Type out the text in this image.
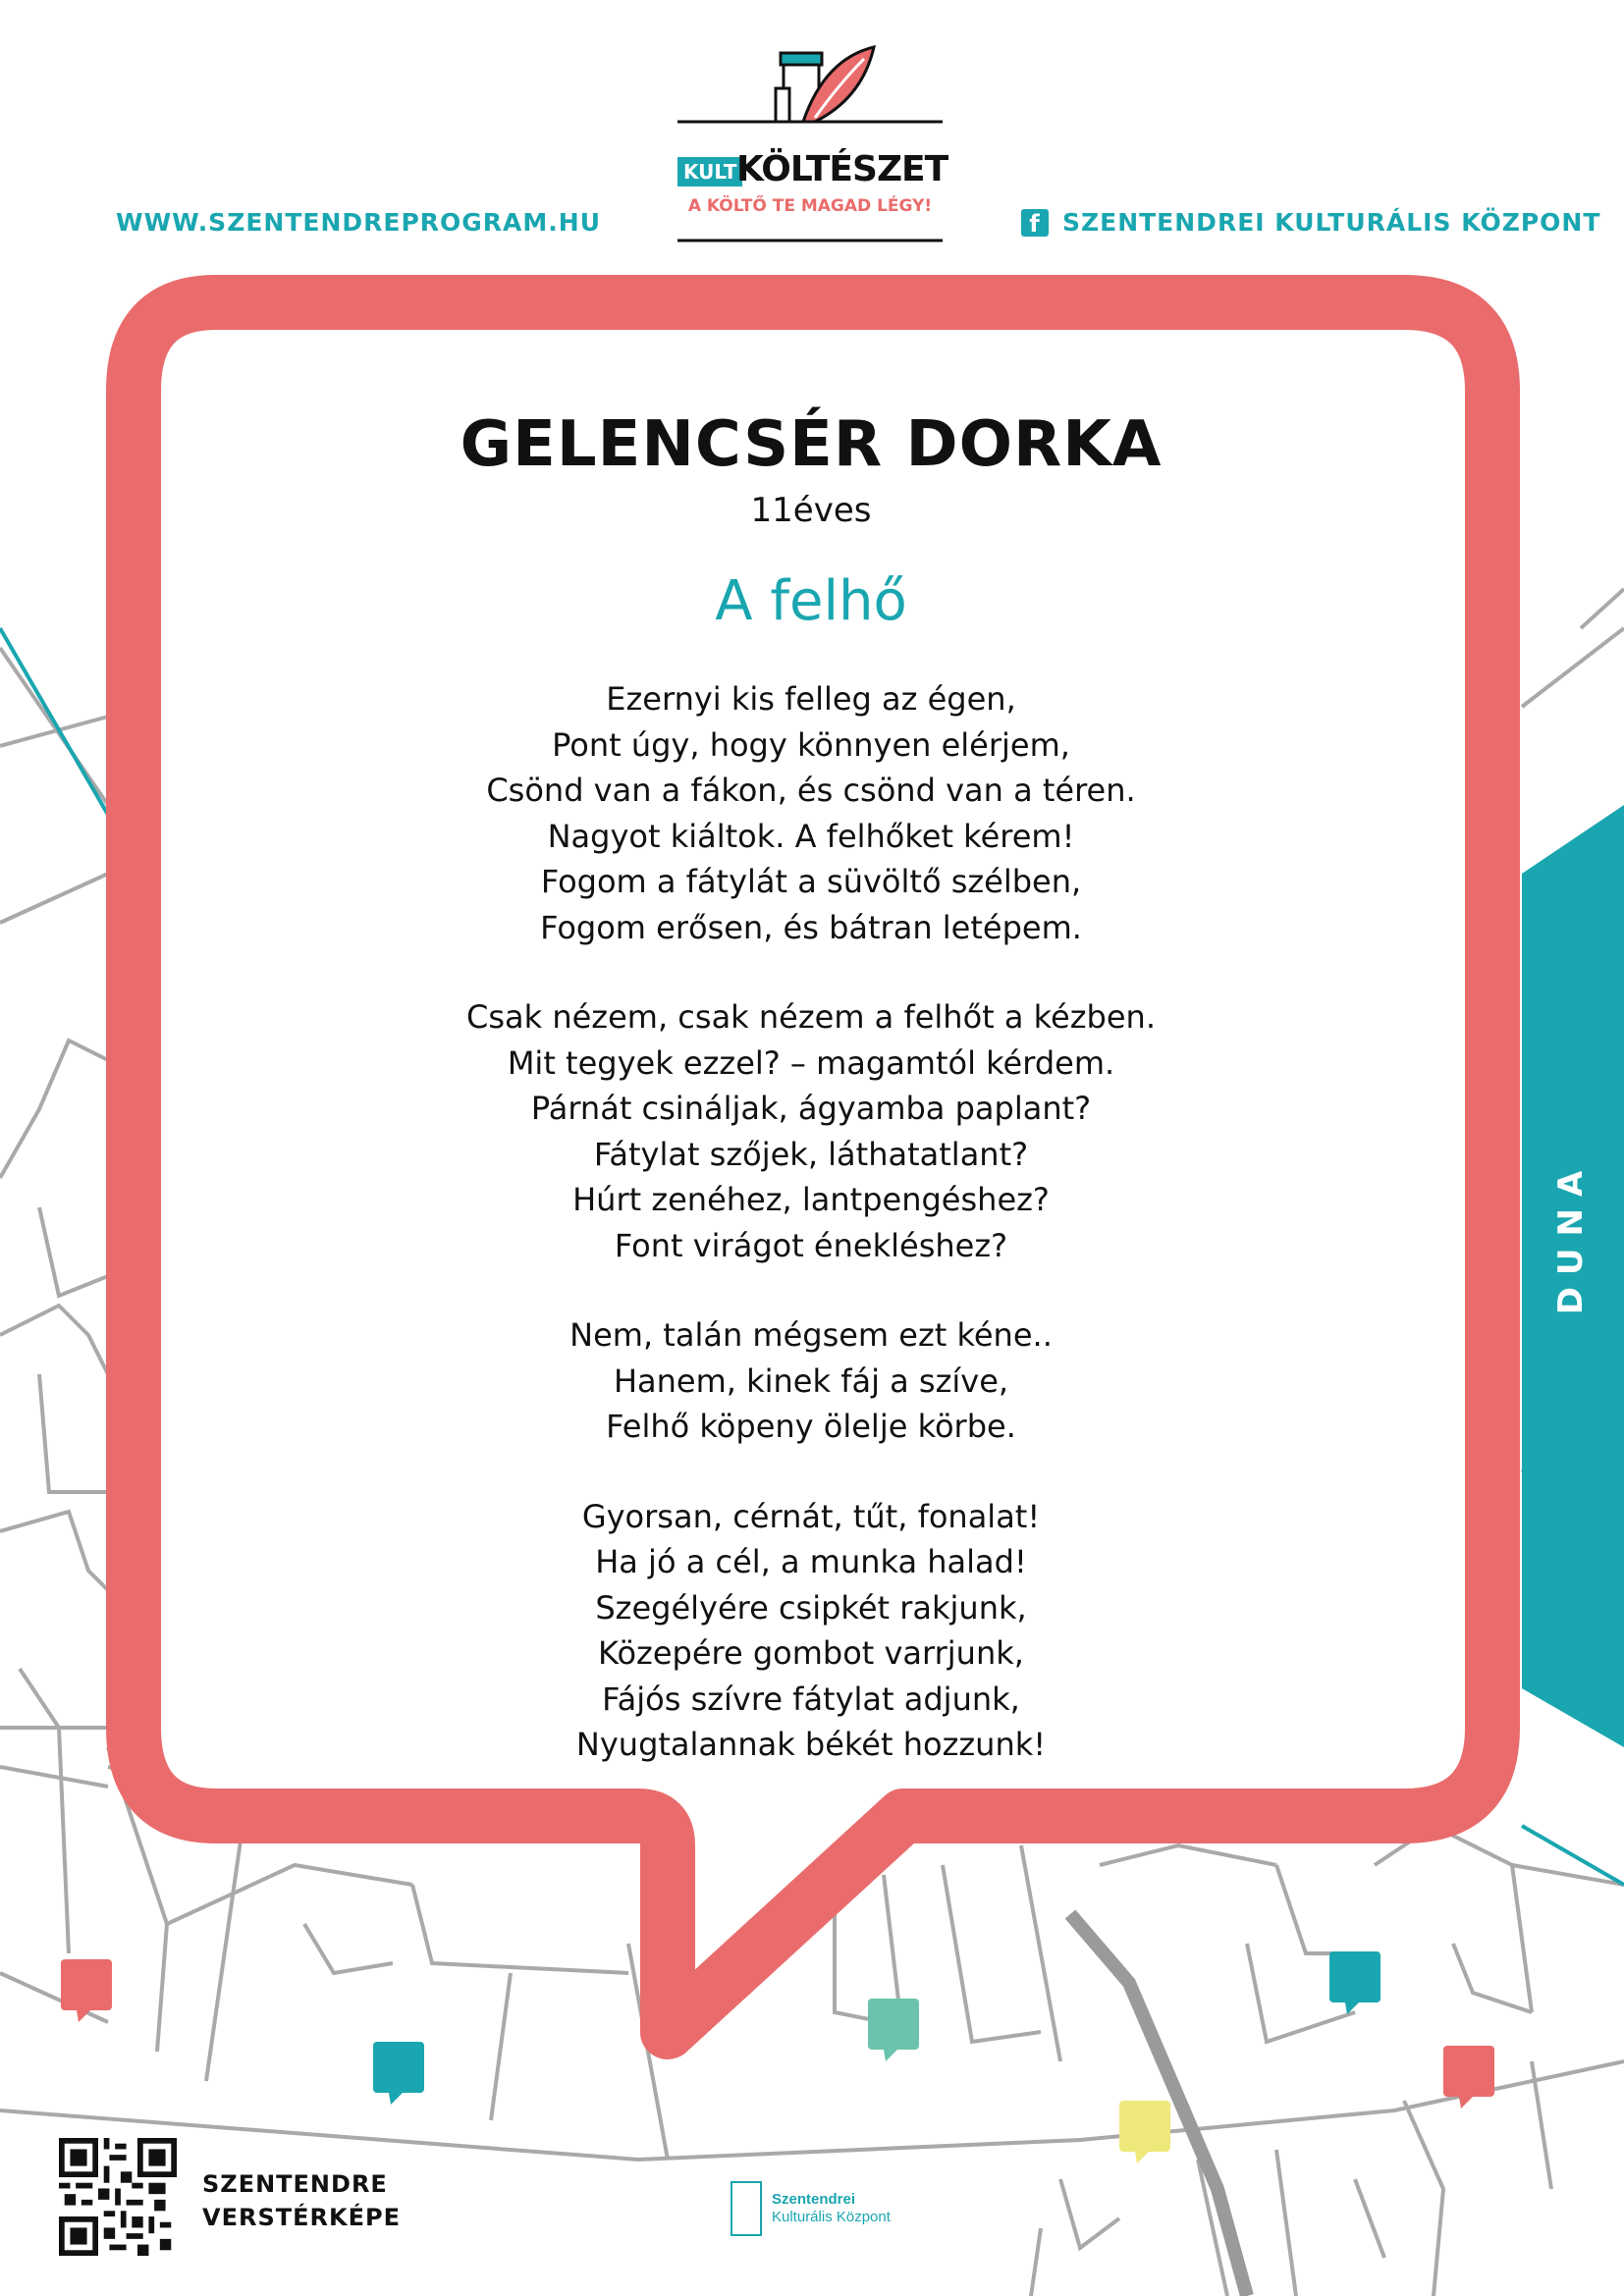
WWW.SZENTENDREPROGRAM.HU	f SZENTENDREI KULTURÁLIS KÖZPONT
KULT KÖLTÉSZET
A KÖLTŐ TE MAGAD LÉGY!
GELENCSÉR DORKA
11éves
A felhő
Ezernyi kis felleg az égen,
Pont úgy, hogy könnyen elérjem,
Csönd van a fákon, és csönd van a téren.
Nagyot kiáltok. A felhőket kérem!
Fogom a fátylát a süvöltő szélben,
Fogom erősen, és bátran letépem.
Csak nézem, csak nézem a felhőt a kézben.
Mit tegyek ezzel? – magamtól kérdem.
Párnát csináljak, ágyamba paplant?
Fátylat szőjek, láthatatlant?
Húrt zenéhez, lantpengéshez?
Font virágot énekléshez?
Nem, talán mégsem ezt kéne..
Hanem, kinek fáj a szíve,
Felhő köpeny ölelje körbe.
Gyorsan, cérnát, tűt, fonalat!
Ha jó a cél, a munka halad!
Szegélyére csipkét rakjunk,
Közepére gombot varrjunk,
Fájós szívre fátylat adjunk,
Nyugtalannak békét hozzunk!
DUNA
SZENTENDRE
VERSTÉRKÉPE
Szentendrei
Kulturális Központ
